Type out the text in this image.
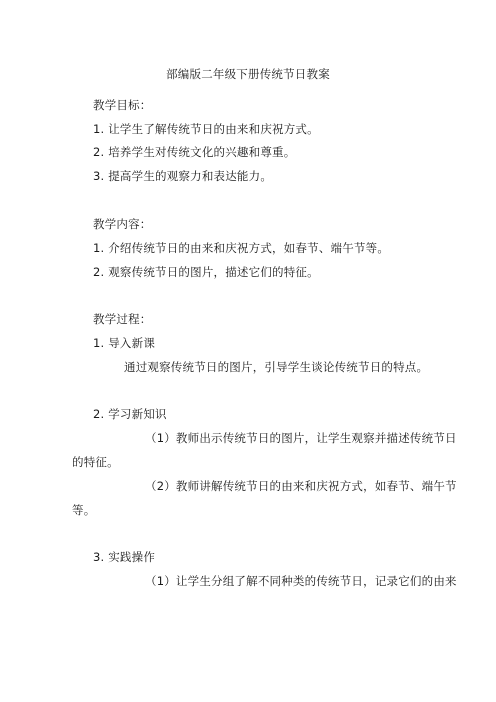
部编版二年级下册传统节日教案
教学目标：
1. 让学生了解传统节日的由来和庆祝方式。
2. 培养学生对传统文化的兴趣和尊重。
3. 提高学生的观察力和表达能力。
教学内容：
1. 介绍传统节日的由来和庆祝方式，如春节、端午节等。
2. 观察传统节日的图片，描述它们的特征。
教学过程：
1. 导入新课
通过观察传统节日的图片，引导学生谈论传统节日的特点。
2. 学习新知识
（1）教师出示传统节日的图片，让学生观察并描述传统节日
的特征。
（2）教师讲解传统节日的由来和庆祝方式，如春节、端午节
等。
3. 实践操作
（1）让学生分组了解不同种类的传统节日，记录它们的由来
